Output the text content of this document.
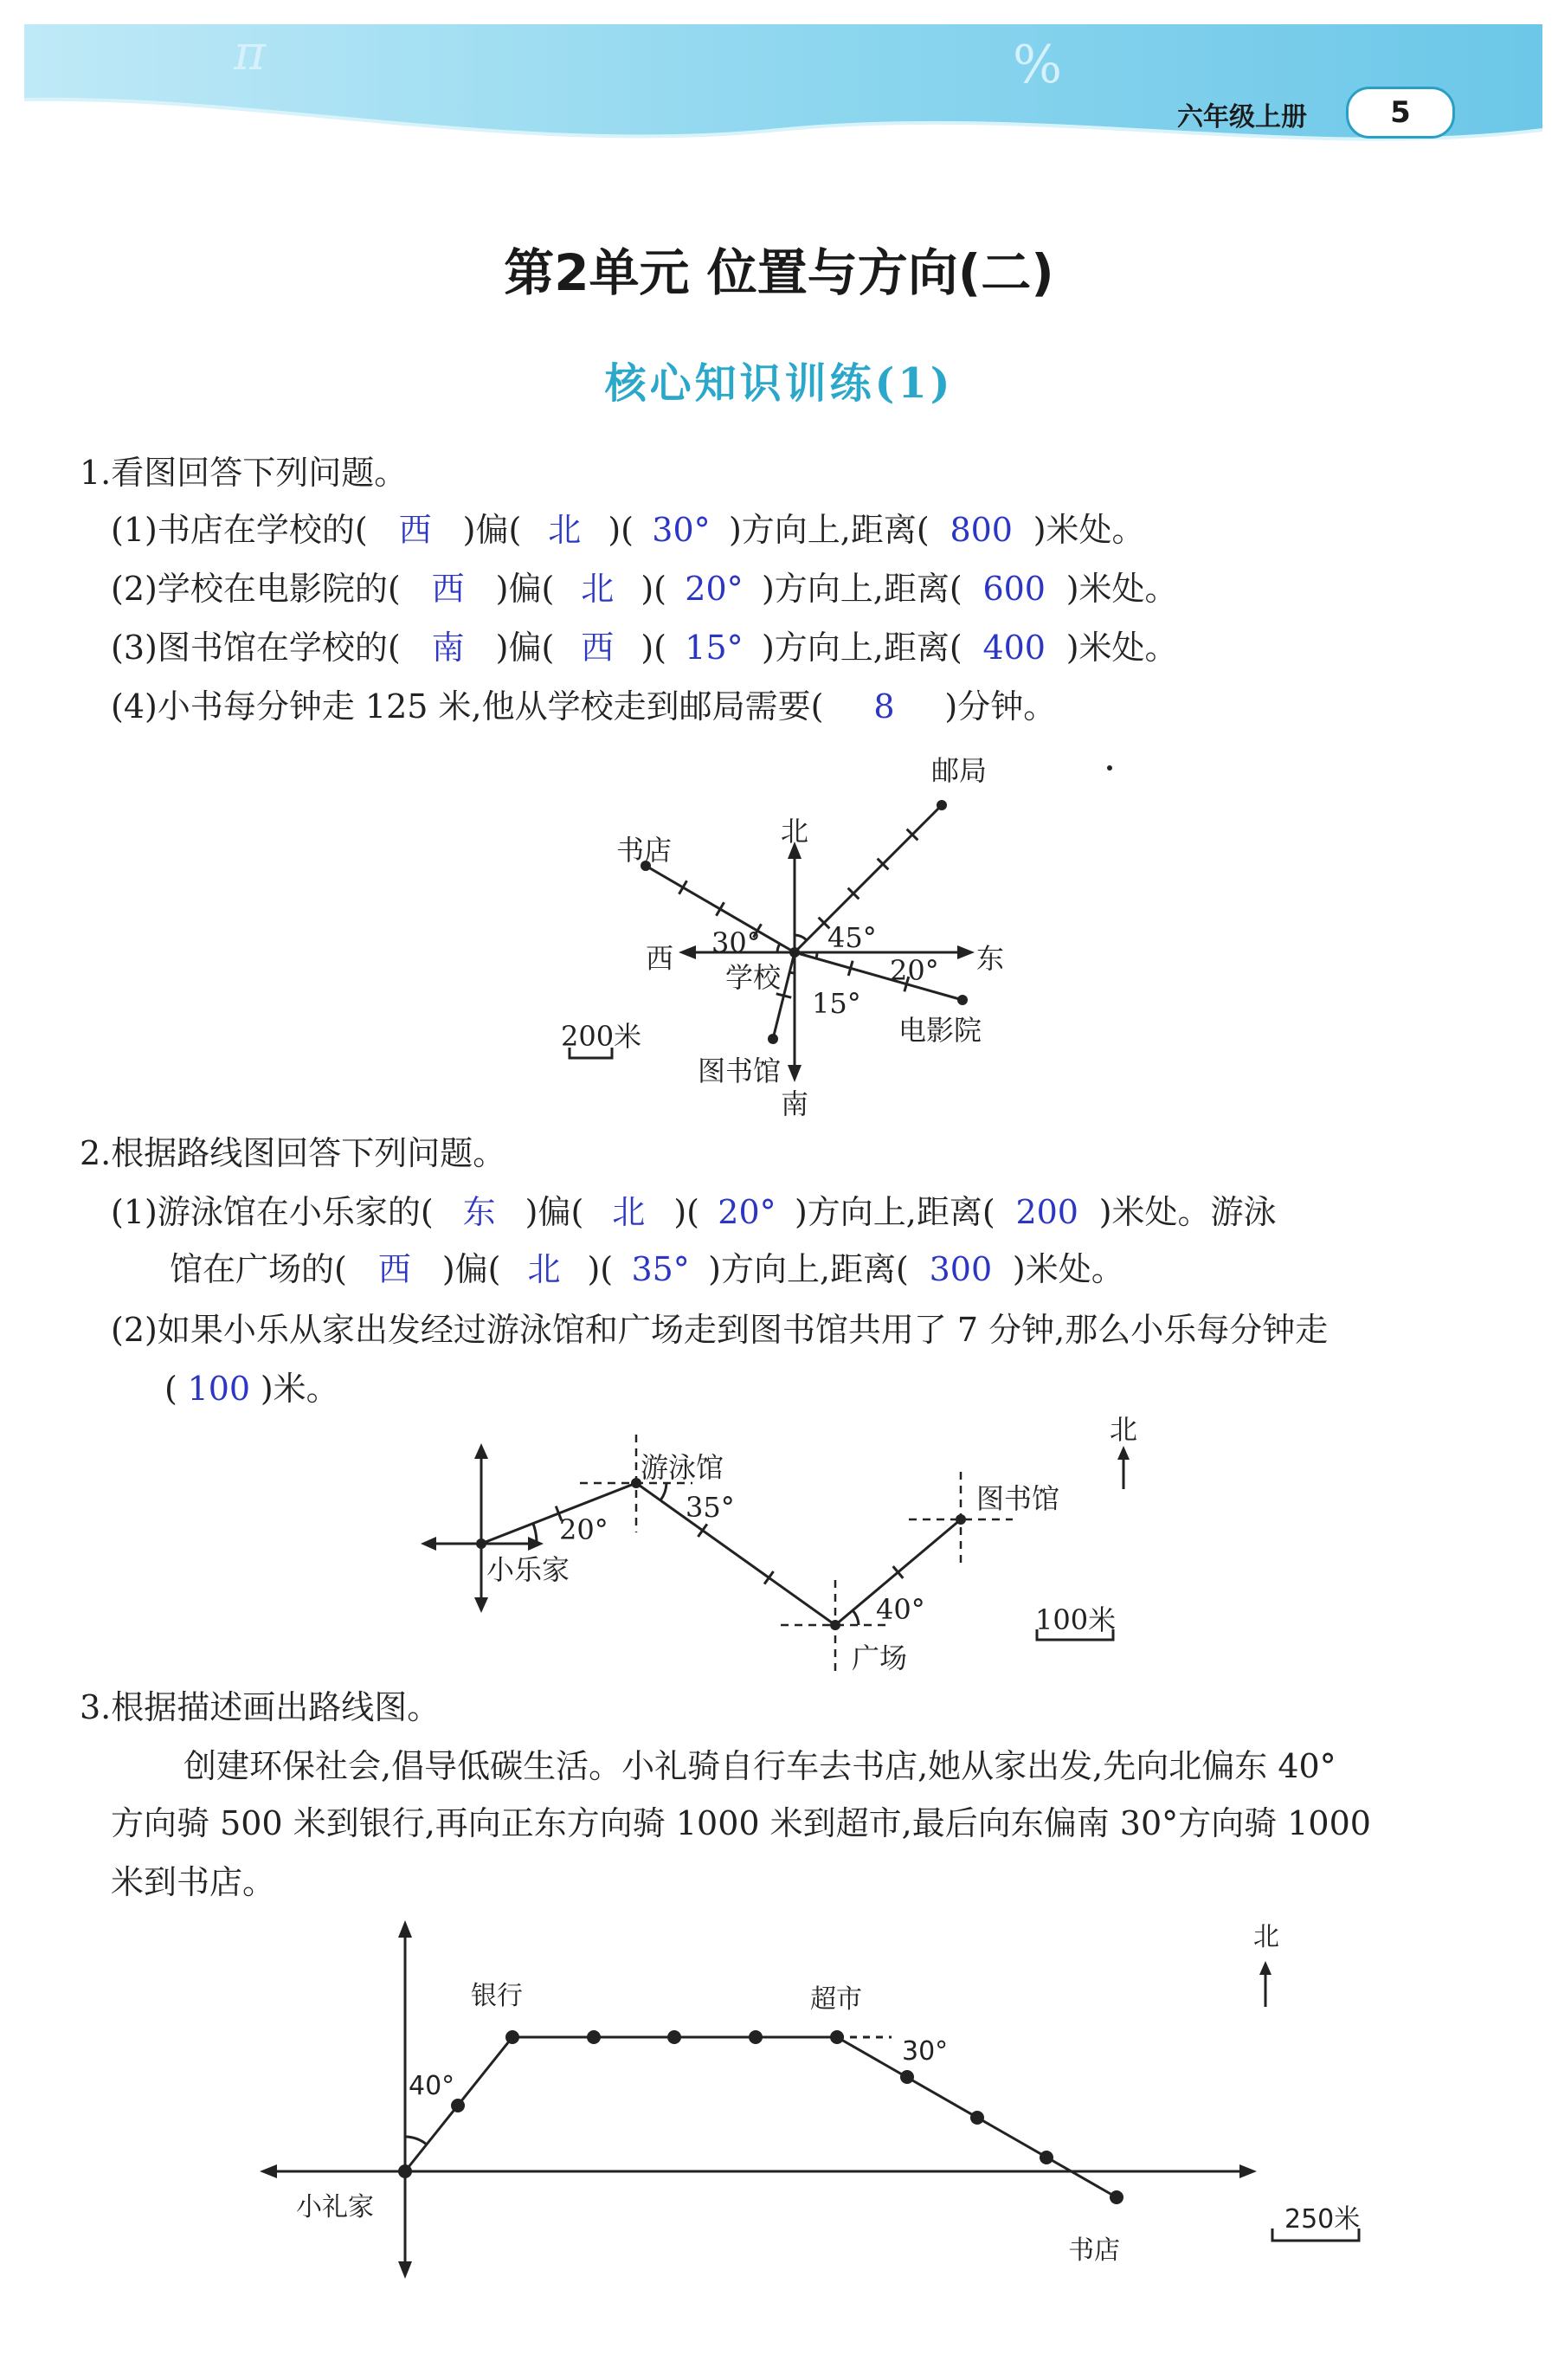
π	%
六年级上册	5
第2单元 位置与方向(二)
核心知识训练(1)
1.看图回答下列问题。
(1)书店在学校的( 西 )偏( 北 )( 30° )方向上,距离( 800 )米处。
(2)学校在电影院的( 西 )偏( 北 )( 20° )方向上,距离( 600 )米处。
(3)图书馆在学校的( 南 )偏( 西 )( 15° )方向上,距离( 400 )米处。
(4)小书每分钟走 125 米,他从学校走到邮局需要( 8 )分钟。
北
南
东
西
学校
书店
邮局
电影院
图书馆
30° 45°
20°
15°
200米
2.根据路线图回答下列问题。
(1)游泳馆在小乐家的( 东 )偏( 北 )( 20° )方向上,距离( 200 )米处。游泳
馆在广场的( 西 )偏( 北 )( 35° )方向上,距离( 300 )米处。
(2)如果小乐从家出发经过游泳馆和广场走到图书馆共用了 7 分钟,那么小乐每分钟走
( 100 )米。
北
小乐家
游泳馆
广场
图书馆
20°
35°
40°	100米
3.根据描述画出路线图。
创建环保社会,倡导低碳生活。小礼骑自行车去书店,她从家出发,先向北偏东 40°
方向骑 500 米到银行,再向正东方向骑 1000 米到超市,最后向东偏南 30°方向骑 1000
米到书店。
北
小礼家
银行	超市
书店
40°
30°
250米
